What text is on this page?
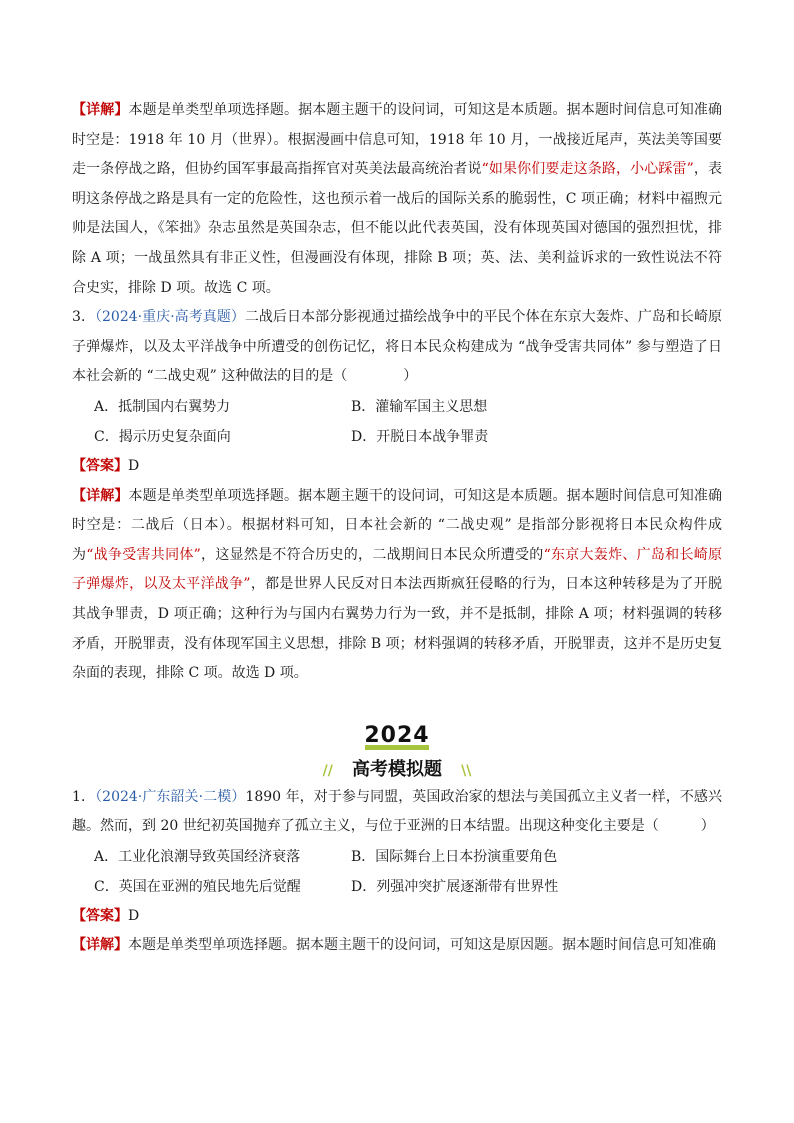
【详解】本题是单类型单项选择题。据本题主题干的设问词，可知这是本质题。据本题时间信息可知准确时空是：1918 年 10 月（世界）。根据漫画中信息可知，1918 年 10 月，一战接近尾声，英法美等国要走一条停战之路，但协约国军事最高指挥官对英美法最高统治者说“如果你们要走这条路，小心踩雷”，表明这条停战之路是具有一定的危险性，这也预示着一战后的国际关系的脆弱性，C 项正确；材料中福煦元帅是法国人，《笨拙》杂志虽然是英国杂志，但不能以此代表英国，没有体现英国对德国的强烈担忧，排除 A 项；一战虽然具有非正义性，但漫画没有体现，排除 B 项；英、法、美利益诉求的一致性说法不符合史实，排除 D 项。故选 C 项。

3．（2024·重庆·高考真题）二战后日本部分影视通过描绘战争中的平民个体在东京大轰炸、广岛和长崎原子弹爆炸，以及太平洋战争中所遭受的创伤记忆，将日本民众构建成为 “战争受害共同体” 参与塑造了日本社会新的 “二战史观” 这种做法的目的是（　　　　）

A．抵制国内右翼势力	B．灌输军国主义思想
C．揭示历史复杂面向	D．开脱日本战争罪责

【答案】D

【详解】本题是单类型单项选择题。据本题主题干的设问词，可知这是本质题。据本题时间信息可知准确时空是：二战后（日本）。根据材料可知，日本社会新的 “二战史观” 是指部分影视将日本民众构件成为“战争受害共同体”，这显然是不符合历史的，二战期间日本民众所遭受的“东京大轰炸、广岛和长崎原子弹爆炸，以及太平洋战争”，都是世界人民反对日本法西斯疯狂侵略的行为，日本这种转移是为了开脱其战争罪责，D 项正确；这种行为与国内右翼势力行为一致，并不是抵制，排除 A 项；材料强调的转移矛盾，开脱罪责，没有体现军国主义思想，排除 B 项；材料强调的转移矛盾，开脱罪责，这并不是历史复杂面的表现，排除 C 项。故选 D 项。

2024
// 高考模拟题 \\

1．（2024·广东韶关·二模）1890 年，对于参与同盟，英国政治家的想法与美国孤立主义者一样，不感兴趣。然而，到 20 世纪初英国抛弃了孤立主义，与位于亚洲的日本结盟。出现这种变化主要是（　　　）

A．工业化浪潮导致英国经济衰落	B．国际舞台上日本扮演重要角色
C．英国在亚洲的殖民地先后觉醒	D．列强冲突扩展逐渐带有世界性

【答案】D

【详解】本题是单类型单项选择题。据本题主题干的设问词，可知这是原因题。据本题时间信息可知准确
